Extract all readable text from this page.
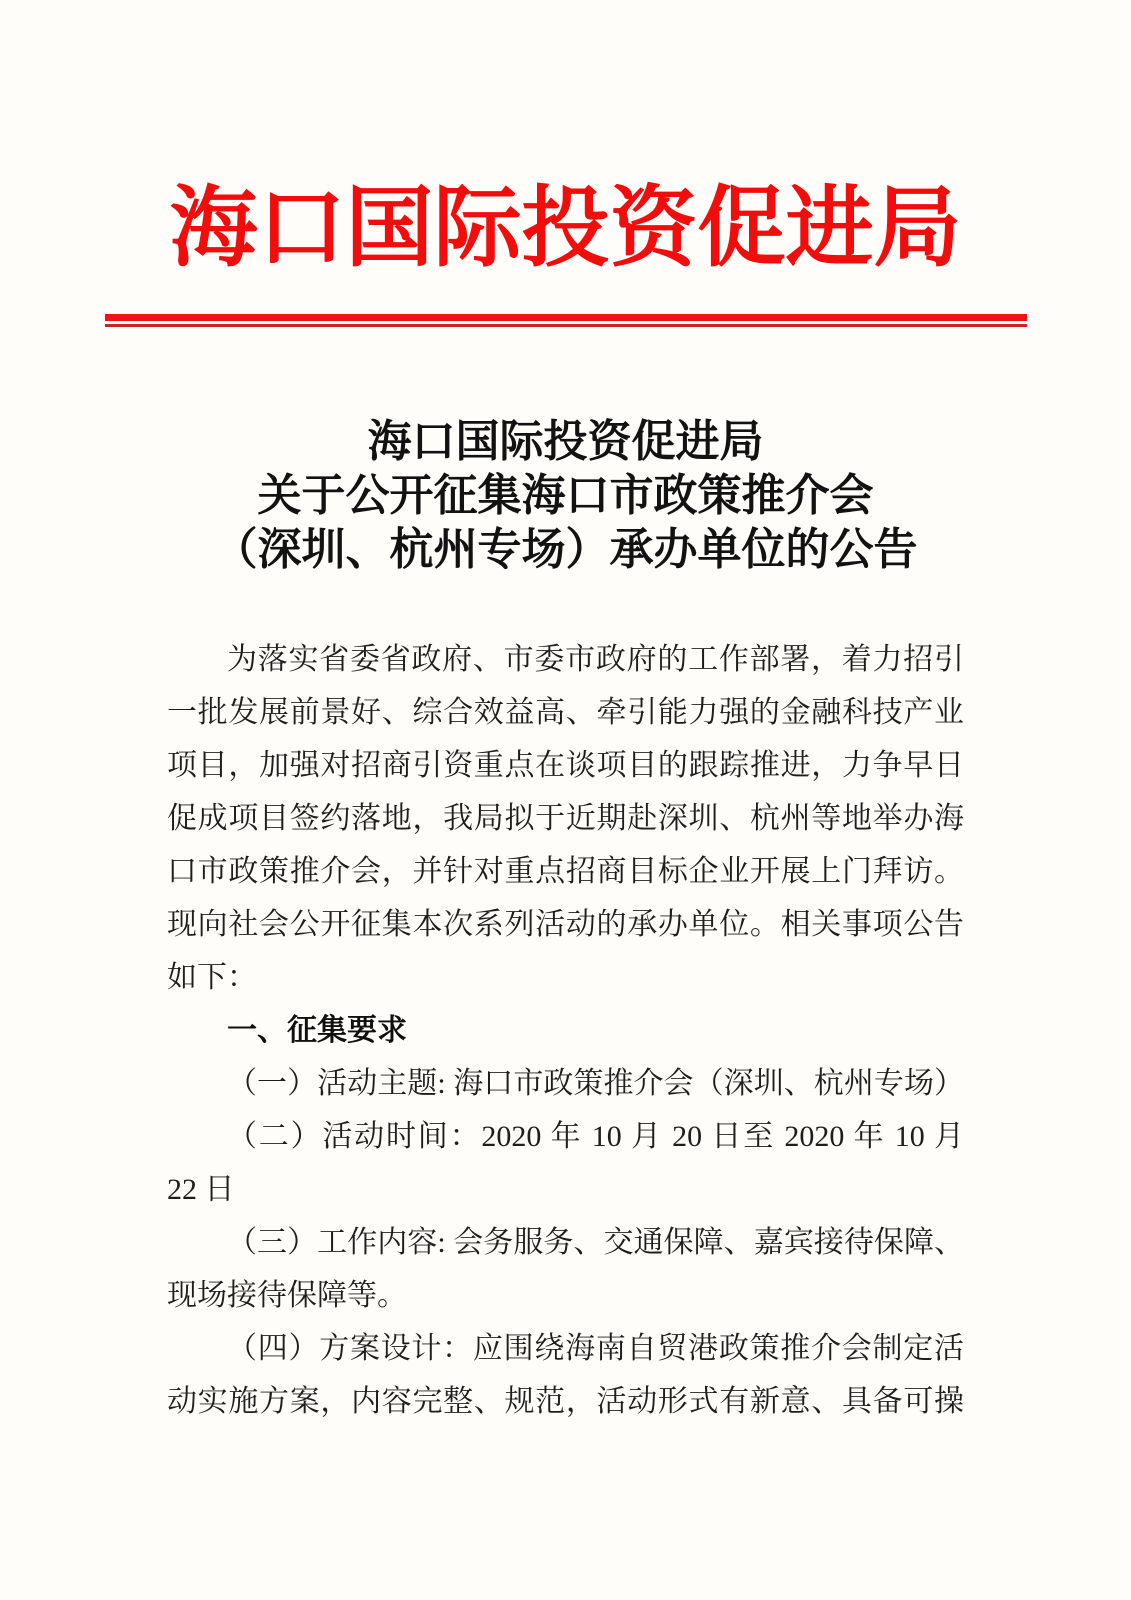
海口国际投资促进局
海口国际投资促进局
关于公开征集海口市政策推介会
（深圳、杭州专场）承办单位的公告
为落实省委省政府、市委市政府的工作部署，着力招引
一批发展前景好、综合效益高、牵引能力强的金融科技产业
项目，加强对招商引资重点在谈项目的跟踪推进，力争早日
促成项目签约落地，我局拟于近期赴深圳、杭州等地举办海
口市政策推介会，并针对重点招商目标企业开展上门拜访。
现向社会公开征集本次系列活动的承办单位。相关事项公告
如下：
一、征集要求
（一）活动主题: 海口市政策推介会（深圳、杭州专场）
（二）活动时间：2020 年 10 月 20 日至 2020 年 10 月
22 日
（三）工作内容: 会务服务、交通保障、嘉宾接待保障、
现场接待保障等。
（四）方案设计：应围绕海南自贸港政策推介会制定活
动实施方案，内容完整、规范，活动形式有新意、具备可操
